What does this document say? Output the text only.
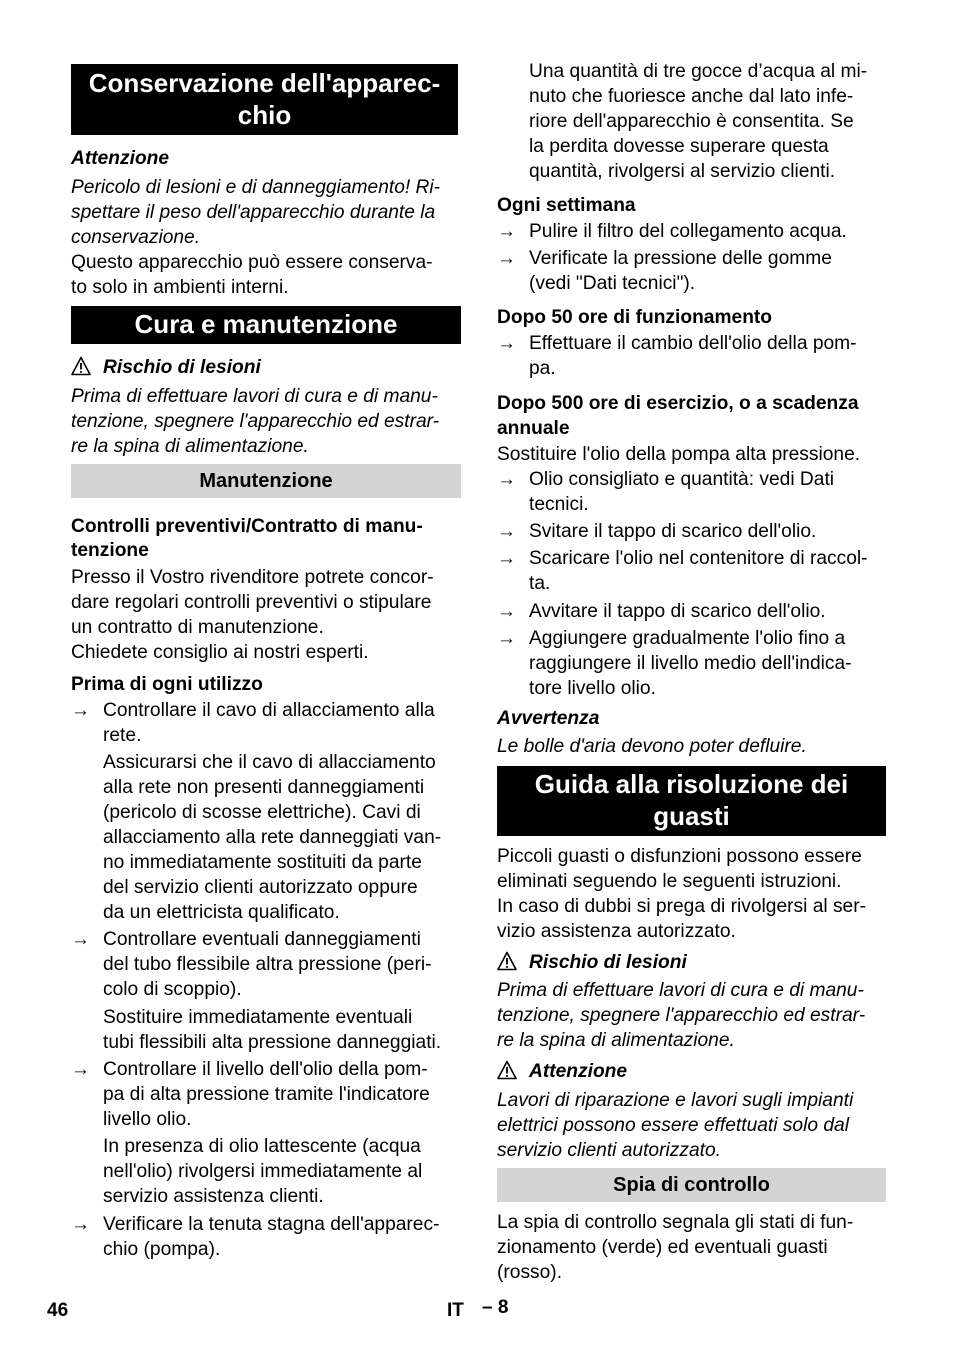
Conservazione dell'apparec-
chio
Attenzione
Pericolo di lesioni e di danneggiamento! Ri-
spettare il peso dell'apparecchio durante la
conservazione.
Questo apparecchio può essere conserva-
to solo in ambienti interni.
Cura e manutenzione
Rischio di lesioni
Prima di effettuare lavori di cura e di manu-
tenzione, spegnere l'apparecchio ed estrar-
re la spina di alimentazione.
Manutenzione
Controlli preventivi/Contratto di manu-
tenzione
Presso il Vostro rivenditore potrete concor-
dare regolari controlli preventivi o stipulare
un contratto di manutenzione.
Chiedete consiglio ai nostri esperti.
Prima di ogni utilizzo
→ Controllare il cavo di allacciamento alla
rete.
Assicurarsi che il cavo di allacciamento
alla rete non presenti danneggiamenti
(pericolo di scosse elettriche). Cavi di
allacciamento alla rete danneggiati van-
no immediatamente sostituiti da parte
del servizio clienti autorizzato oppure
da un elettricista qualificato.
→ Controllare eventuali danneggiamenti
del tubo flessibile altra pressione (peri-
colo di scoppio).
Sostituire immediatamente eventuali
tubi flessibili alta pressione danneggiati.
→ Controllare il livello dell'olio della pom-
pa di alta pressione tramite l'indicatore
livello olio.
In presenza di olio lattescente (acqua
nell'olio) rivolgersi immediatamente al
servizio assistenza clienti.
→ Verificare la tenuta stagna dell'apparec-
chio (pompa).
Una quantità di tre gocce d’acqua al mi-
nuto che fuoriesce anche dal lato infe-
riore dell'apparecchio è consentita. Se
la perdita dovesse superare questa
quantità, rivolgersi al servizio clienti.
Ogni settimana
→ Pulire il filtro del collegamento acqua.
→ Verificate la pressione delle gomme
(vedi "Dati tecnici").
Dopo 50 ore di funzionamento
→ Effettuare il cambio dell'olio della pom-
pa.
Dopo 500 ore di esercizio, o a scadenza
annuale
Sostituire l'olio della pompa alta pressione.
→ Olio consigliato e quantità: vedi Dati
tecnici.
→ Svitare il tappo di scarico dell'olio.
→ Scaricare l'olio nel contenitore di raccol-
ta.
→ Avvitare il tappo di scarico dell'olio.
→ Aggiungere gradualmente l'olio fino a
raggiungere il livello medio dell'indica-
tore livello olio.
Avvertenza
Le bolle d'aria devono poter defluire.
Guida alla risoluzione dei
guasti
Piccoli guasti o disfunzioni possono essere
eliminati seguendo le seguenti istruzioni.
In caso di dubbi si prega di rivolgersi al ser-
vizio assistenza autorizzato.
Rischio di lesioni
Prima di effettuare lavori di cura e di manu-
tenzione, spegnere l'apparecchio ed estrar-
re la spina di alimentazione.
Attenzione
Lavori di riparazione e lavori sugli impianti
elettrici possono essere effettuati solo dal
servizio clienti autorizzato.
Spia di controllo
La spia di controllo segnala gli stati di fun-
zionamento (verde) ed eventuali guasti
(rosso).
46	IT – 8
